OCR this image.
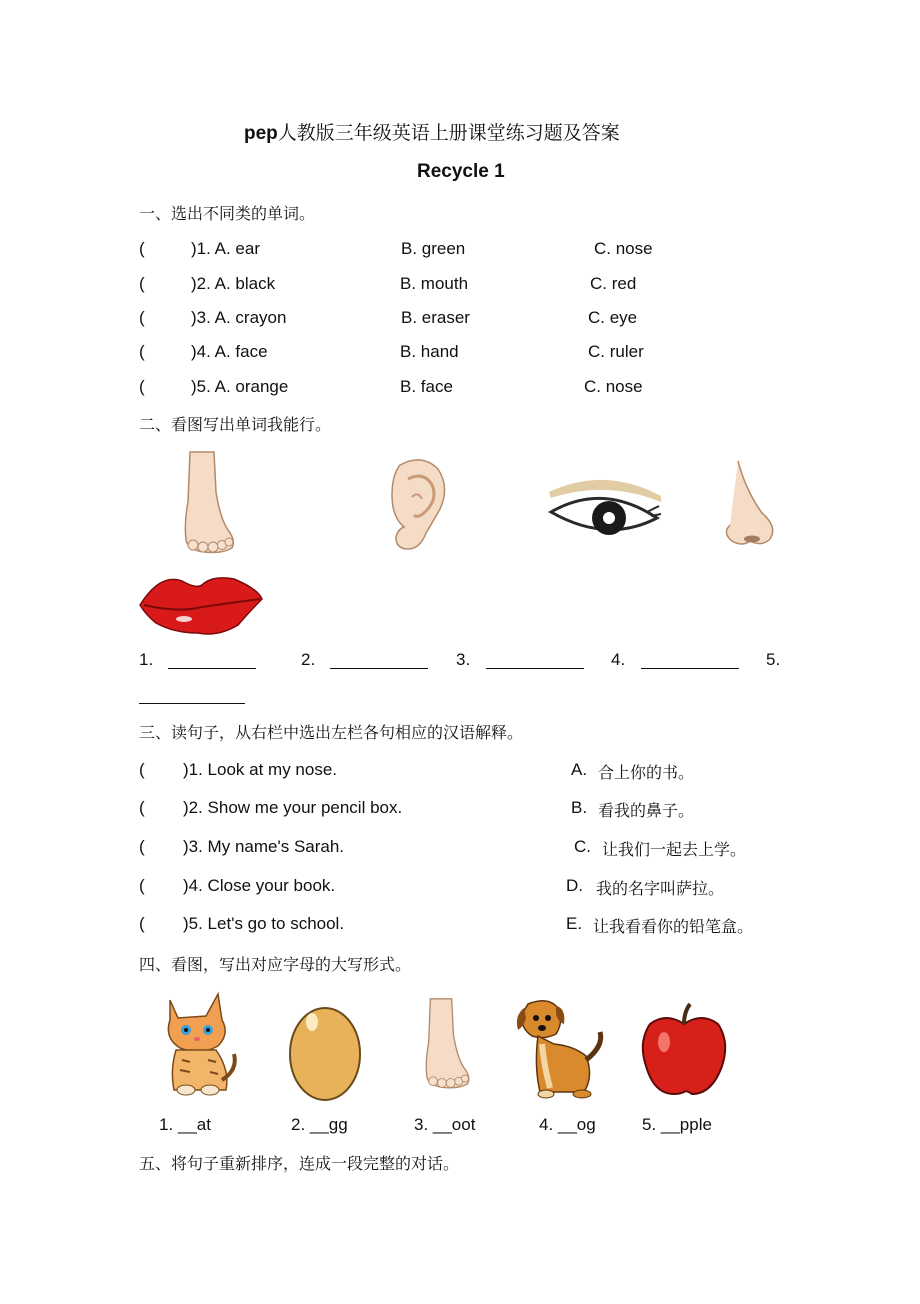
pep人教版三年级英语上册课堂练习题及答案
Recycle 1
一、选出不同类的单词。
(	)1. A. ear	B. green	C. nose
(	)2. A. black	B. mouth	C. red
(	)3. A. crayon	B. eraser	C. eye
(	)4. A. face	B. hand	C. ruler
(	)5. A. orange	B. face	C. nose
二、看图写出单词我能行。
1.	2.	3.	4.	5.
三、读句子，从右栏中选出左栏各句相应的汉语解释。
( )1. Look at my nose.	A. 合上你的书。
( )2. Show me your pencil box.	B. 看我的鼻子。
( )3. My name's Sarah.	C. 让我们一起去上学。
( )4. Close your book.	D. 我的名字叫萨拉。
( )5. Let's go to school.	E. 让我看看你的铅笔盒。
四、看图，写出对应字母的大写形式。
1. __at	2. __gg	3. __oot	4. __og	5. __pple
五、将句子重新排序，连成一段完整的对话。
